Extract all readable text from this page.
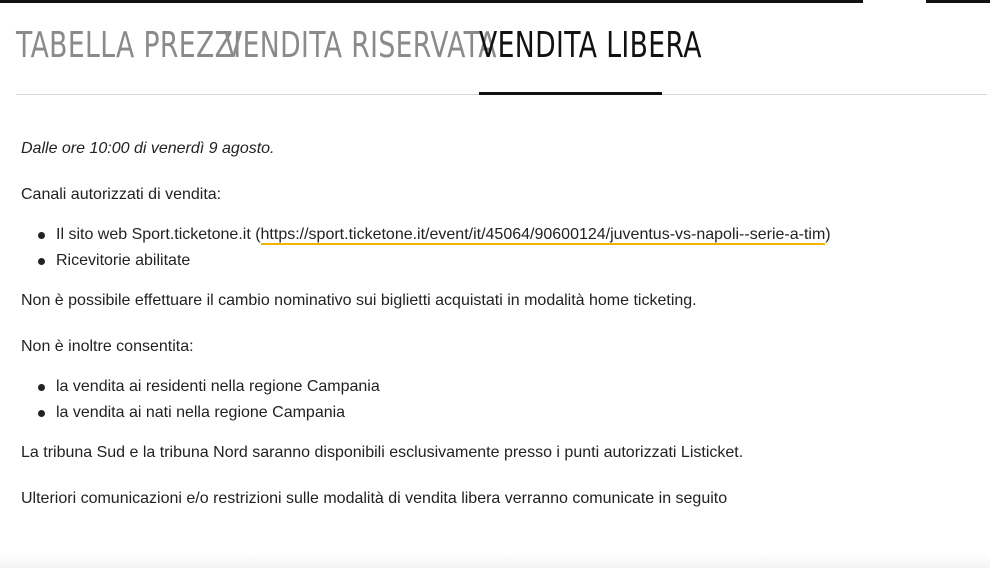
TABELLA PREZZI
VENDITA RISERVATA
VENDITA LIBERA

Dalle ore 10:00 di venerdì 9 agosto.

Canali autorizzati di vendita:

Il sito web Sport.ticketone.it (https://sport.ticketone.it/event/it/45064/90600124/juventus-vs-napoli--serie-a-tim)
Ricevitorie abilitate

Non è possibile effettuare il cambio nominativo sui biglietti acquistati in modalità home ticketing.

Non è inoltre consentita:

la vendita ai residenti nella regione Campania
la vendita ai nati nella regione Campania

La tribuna Sud e la tribuna Nord saranno disponibili esclusivamente presso i punti autorizzati Listicket.

Ulteriori comunicazioni e/o restrizioni sulle modalità di vendita libera verranno comunicate in seguito
